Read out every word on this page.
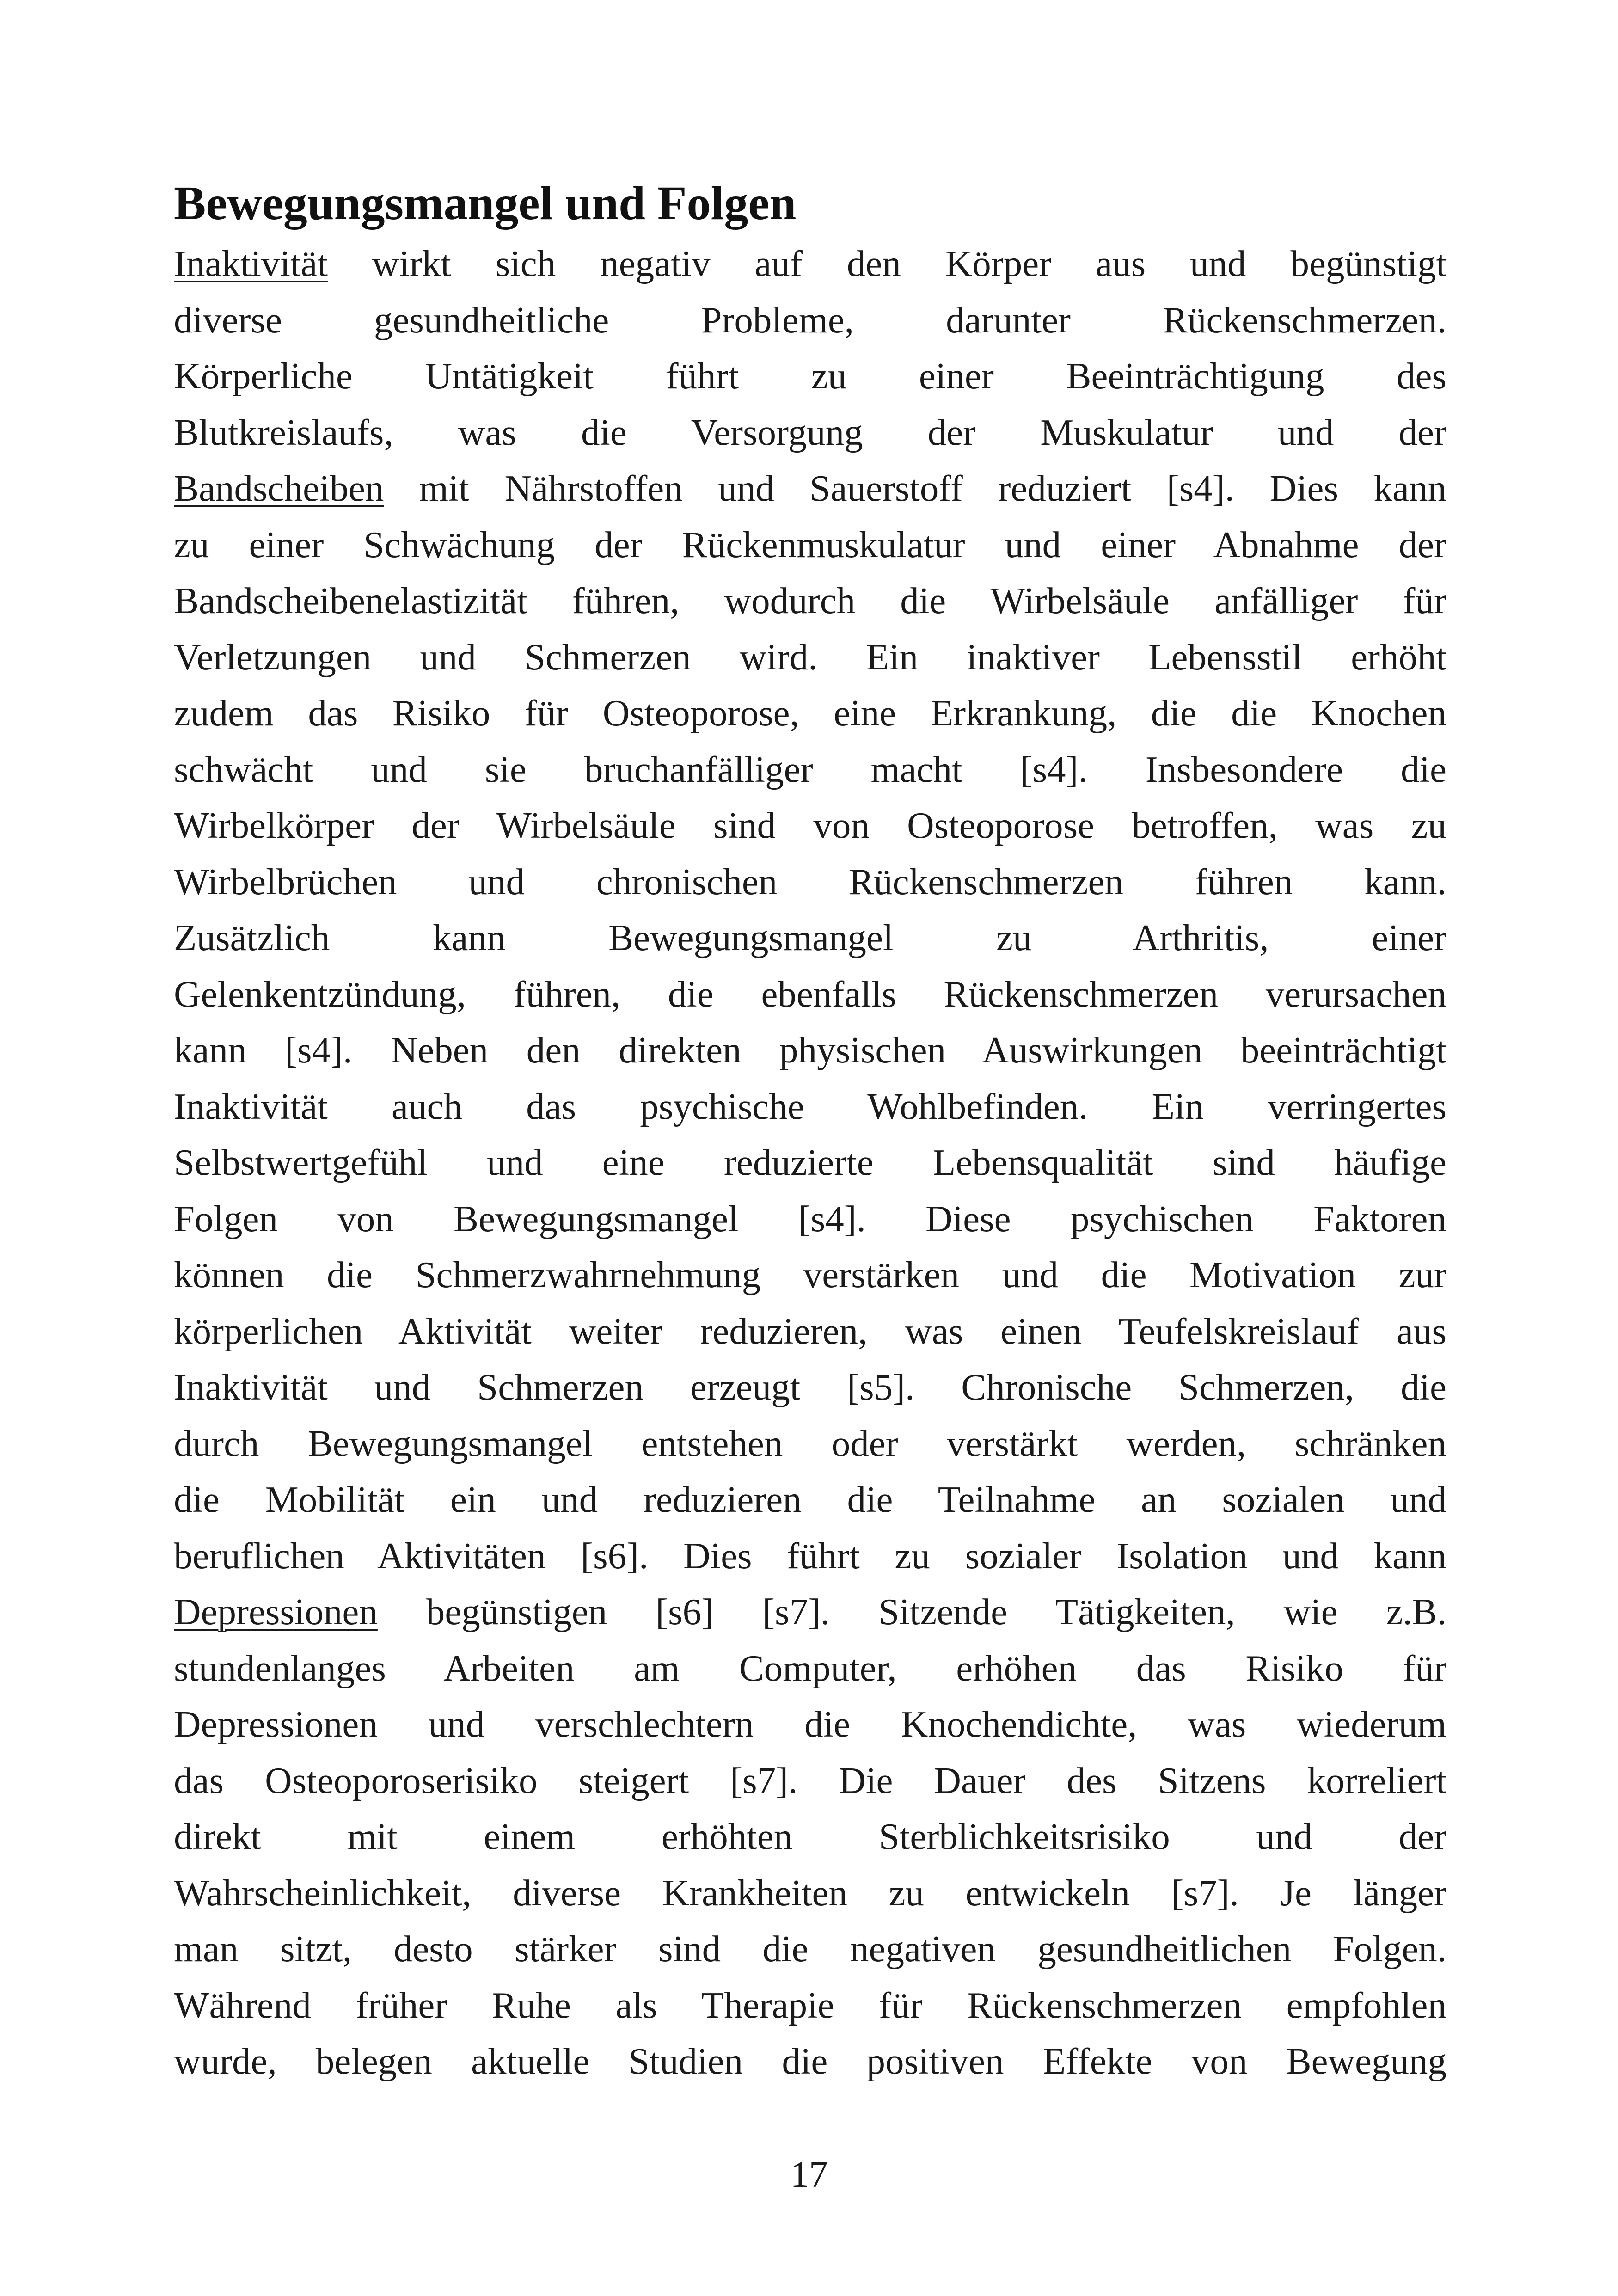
Bewegungsmangel und Folgen
Inaktivität wirkt sich negativ auf den Körper aus und begünstigt
diverse gesundheitliche Probleme, darunter Rückenschmerzen.
Körperliche Untätigkeit führt zu einer Beeinträchtigung des
Blutkreislaufs, was die Versorgung der Muskulatur und der
Bandscheiben mit Nährstoffen und Sauerstoff reduziert [s4]. Dies kann
zu einer Schwächung der Rückenmuskulatur und einer Abnahme der
Bandscheibenelastizität führen, wodurch die Wirbelsäule anfälliger für
Verletzungen und Schmerzen wird. Ein inaktiver Lebensstil erhöht
zudem das Risiko für Osteoporose, eine Erkrankung, die die Knochen
schwächt und sie bruchanfälliger macht [s4]. Insbesondere die
Wirbelkörper der Wirbelsäule sind von Osteoporose betroffen, was zu
Wirbelbrüchen und chronischen Rückenschmerzen führen kann.
Zusätzlich kann Bewegungsmangel zu Arthritis, einer
Gelenkentzündung, führen, die ebenfalls Rückenschmerzen verursachen
kann [s4]. Neben den direkten physischen Auswirkungen beeinträchtigt
Inaktivität auch das psychische Wohlbefinden. Ein verringertes
Selbstwertgefühl und eine reduzierte Lebensqualität sind häufige
Folgen von Bewegungsmangel [s4]. Diese psychischen Faktoren
können die Schmerzwahrnehmung verstärken und die Motivation zur
körperlichen Aktivität weiter reduzieren, was einen Teufelskreislauf aus
Inaktivität und Schmerzen erzeugt [s5]. Chronische Schmerzen, die
durch Bewegungsmangel entstehen oder verstärkt werden, schränken
die Mobilität ein und reduzieren die Teilnahme an sozialen und
beruflichen Aktivitäten [s6]. Dies führt zu sozialer Isolation und kann
Depressionen begünstigen [s6] [s7]. Sitzende Tätigkeiten, wie z.B.
stundenlanges Arbeiten am Computer, erhöhen das Risiko für
Depressionen und verschlechtern die Knochendichte, was wiederum
das Osteoporoserisiko steigert [s7]. Die Dauer des Sitzens korreliert
direkt mit einem erhöhten Sterblichkeitsrisiko und der
Wahrscheinlichkeit, diverse Krankheiten zu entwickeln [s7]. Je länger
man sitzt, desto stärker sind die negativen gesundheitlichen Folgen.
Während früher Ruhe als Therapie für Rückenschmerzen empfohlen
wurde, belegen aktuelle Studien die positiven Effekte von Bewegung
17
